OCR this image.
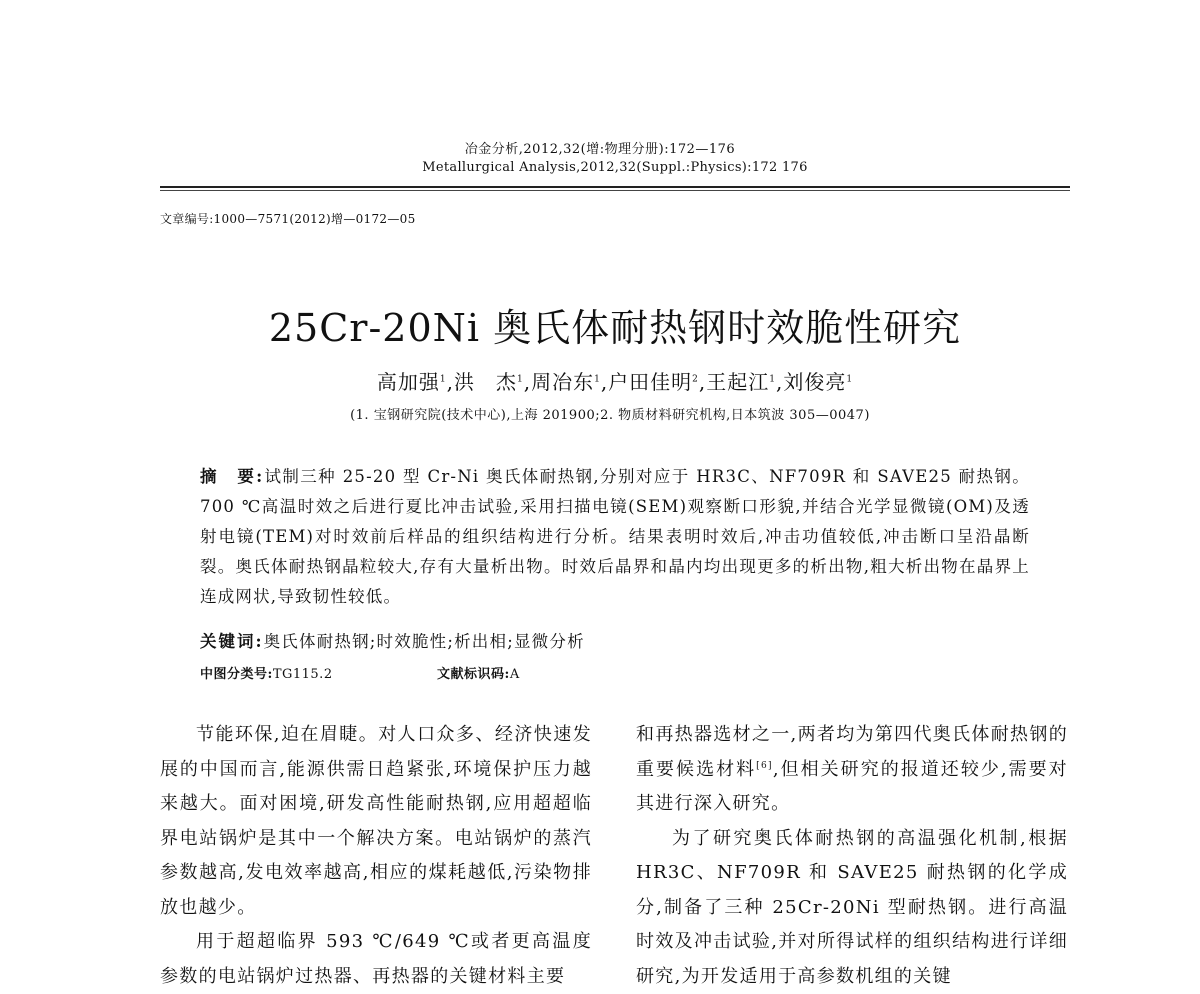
冶金分析,2012,32(增:物理分册):172—176
Metallurgical Analysis,2012,32(Suppl.:Physics):172 176
文章编号:1000—7571(2012)增—0172—05
25Cr-20Ni 奥氏体耐热钢时效脆性研究
高加强$^1$,洪　杰$^1$,周冶东$^1$,户田佳明$^2$,王起江$^1$,刘俊亮$^1$
(1. 宝钢研究院(技术中心),上海 201900;2. 物质材料研究机构,日本筑波 305—0047)

摘　要:试制三种 25-20 型 Cr-Ni 奥氏体耐热钢,分别对应于 HR3C、NF709R 和 SAVE25 耐热钢。700 ℃高温时效之后进行夏比冲击试验,采用扫描电镜(SEM)观察断口形貌,并结合光学显微镜(OM)及透射电镜(TEM)对时效前后样品的组织结构进行分析。结果表明时效后,冲击功值较低,冲击断口呈沿晶断裂。奥氏体耐热钢晶粒较大,存有大量析出物。时效后晶界和晶内均出现更多的析出物,粗大析出物在晶界上连成网状,导致韧性较低。

关键词:奥氏体耐热钢;时效脆性;析出相;显微分析
中图分类号:TG115.2	文献标识码:A

节能环保,迫在眉睫。对人口众多、经济快速发展的中国而言,能源供需日趋紧张,环境保护压力越来越大。面对困境,研发高性能耐热钢,应用超超临界电站锅炉是其中一个解决方案。电站锅炉的蒸汽参数越高,发电效率越高,相应的煤耗越低,污染物排放也越少。

用于超超临界 593 ℃/649 ℃或者更高温度参数的电站锅炉过热器、再热器的关键材料主要

和再热器选材之一,两者均为第四代奥氏体耐热钢的重要候选材料[6],但相关研究的报道还较少,需要对其进行深入研究。

为了研究奥氏体耐热钢的高温强化机制,根据 HR3C、NF709R 和 SAVE25 耐热钢的化学成分,制备了三种 25Cr-20Ni 型耐热钢。进行高温时效及冲击试验,并对所得试样的组织结构进行详细研究,为开发适用于高参数机组的关键
